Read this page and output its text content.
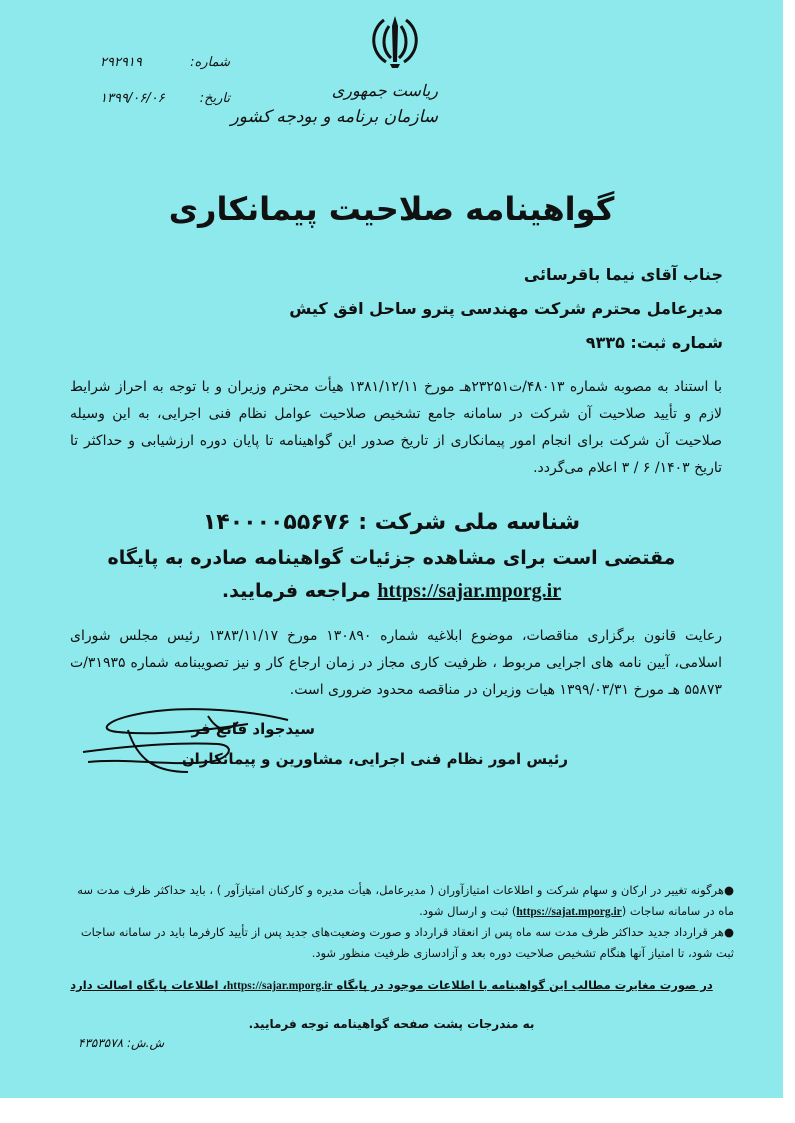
شماره:
۲۹۲۹۱۹
تاریخ:
۱۳۹۹/۰۶/۰۶	ریاست جمهوری
سازمان برنامه و بودجه کشور
گواهینامه صلاحیت پیمانکاری
جناب آقای نیما باقرسائی
مدیرعامل محترم شرکت مهندسی پترو ساحل افق کیش
شماره ثبت: ۹۳۳۵
با استناد به مصوبه شماره ۴۸۰۱۳/ت۲۳۲۵۱هـ مورخ ۱۳۸۱/۱۲/۱۱ هیأت محترم وزیران و با توجه به احراز شرایط لازم و تأیید صلاحیت آن شرکت در سامانه جامع تشخیص صلاحیت عوامل نظام فنی اجرایی، به این وسیله صلاحیت آن شرکت برای انجام امور پیمانکاری از تاریخ صدور این گواهینامه تا پایان دوره ارزشیابی و حداکثر تا تاریخ ۱۴۰۳/ ۶ / ۳ اعلام می‌گردد.
شناسه ملی شرکت : ۱۴۰۰۰۰۵۵۶۷۶
مقتضی است برای مشاهده جزئیات گواهینامه صادره به پایگاه
https://sajar.mporg.ir مراجعه فرمایید.
رعایت قانون برگزاری مناقصات، موضوع ابلاغیه شماره ۱۳۰۸۹۰ مورخ ۱۳۸۳/۱۱/۱۷ رئیس مجلس شورای اسلامی، آیین نامه های اجرایی مربوط ، ظرفیت کاری مجاز در زمان ارجاع کار و نیز تصویبنامه شماره ۳۱۹۳۵/ت ۵۵۸۷۳ هـ مورخ ۱۳۹۹/۰۳/۳۱ هیات وزیران در مناقصه محدود ضروری است.
سیدجواد قانع فر
رئیس امور نظام فنی اجرایی، مشاورین و پیمانکاران
●هرگونه تغییر در ارکان و سهام شرکت و اطلاعات امتیازآوران ( مدیرعامل، هیأت مدیره و کارکنان امتیازآور ) ، باید حداکثر ظرف مدت سه ماه در سامانه ساجات (https://sajat.mporg.ir) ثبت و ارسال شود.
●هر قرارداد جدید حداکثر ظرف مدت سه ماه پس از انعقاد قرارداد و صورت وضعیت‌های جدید پس از تأیید کارفرما باید در سامانه ساجات ثبت شود، تا امتیاز آنها هنگام تشخیص صلاحیت دوره بعد و آزادسازی ظرفیت منظور شود.
در صورت مغایرت مطالب این گواهینامه با اطلاعات موجود در پایگاه https://sajar.mporg.ir، اطلاعات پایگاه اصالت دارد
به مندرجات پشت صفحه گواهینامه توجه فرمایید.
ش.ش: ۴۳۵۳۵۷۸
